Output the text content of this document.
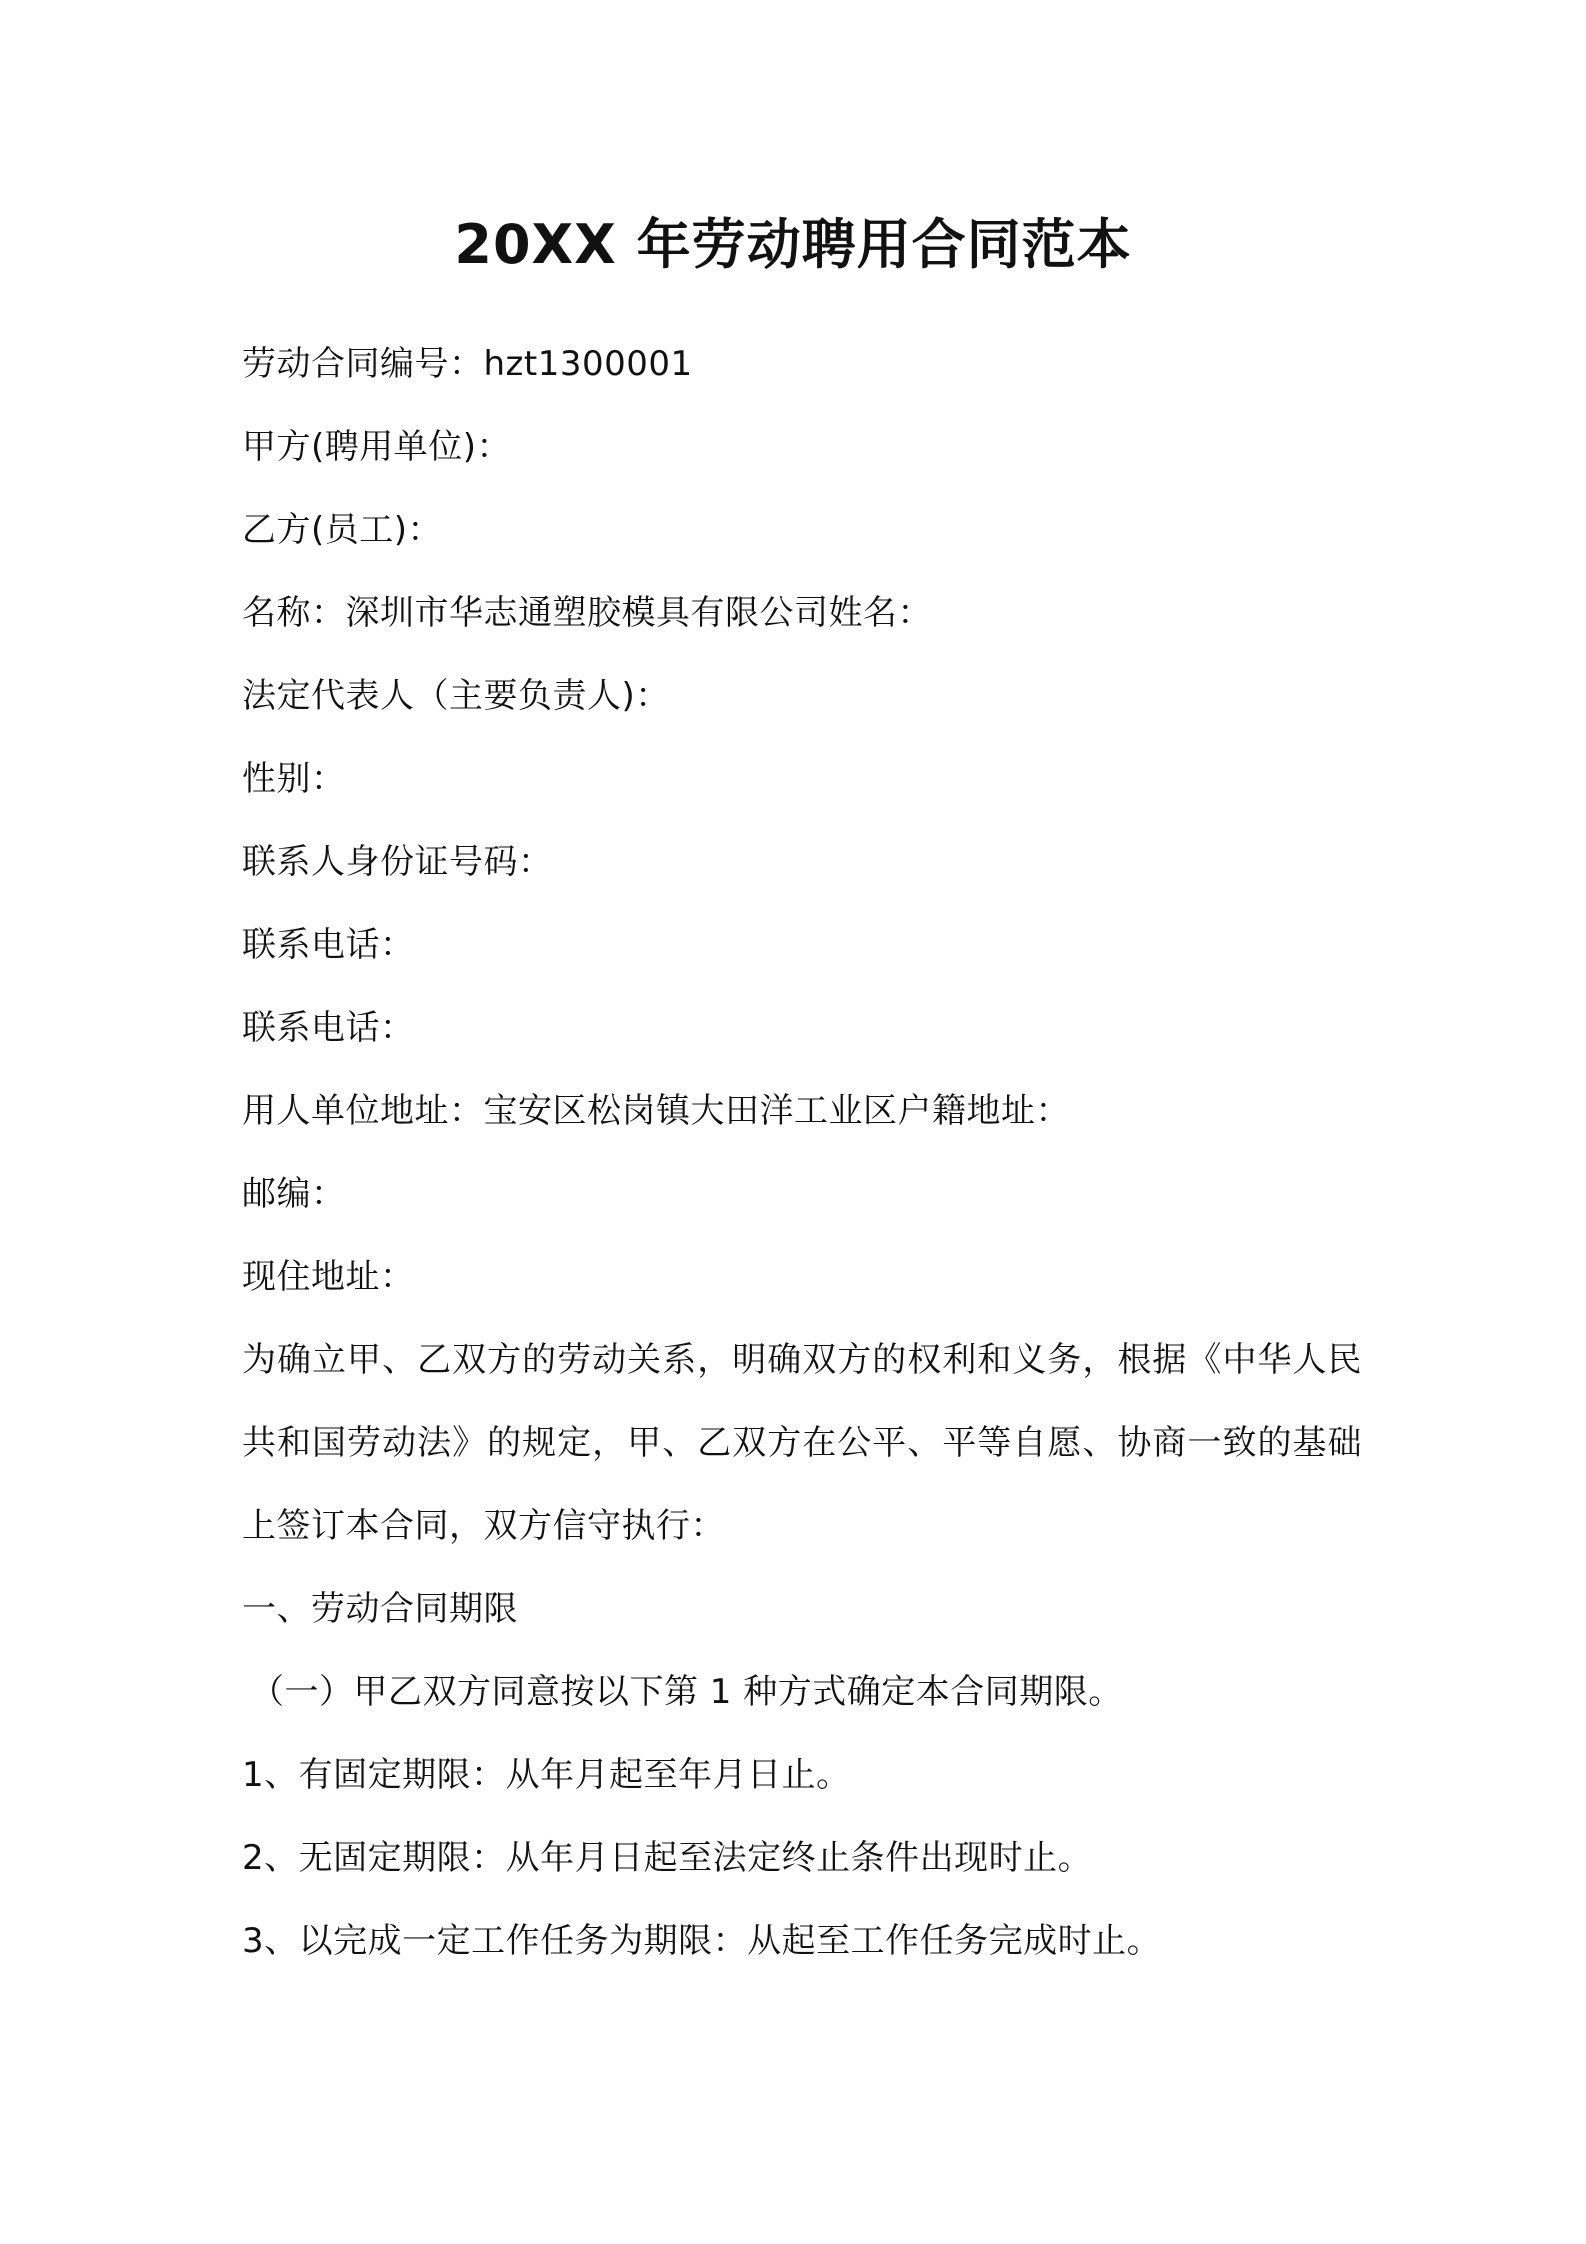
20XX 年劳动聘用合同范本
劳动合同编号：hzt1300001
甲方(聘用单位)：
乙方(员工)：
名称：深圳市华志通塑胶模具有限公司姓名：
法定代表人（主要负责人)：
性别：
联系人身份证号码：
联系电话：
联系电话：
用人单位地址：宝安区松岗镇大田洋工业区户籍地址：
邮编：
现住地址：
为确立甲、乙双方的劳动关系，明确双方的权利和义务，根据《中华人民共和国劳动法》的规定，甲、乙双方在公平、平等自愿、协商一致的基础上签订本合同，双方信守执行：
一、劳动合同期限
（一）甲乙双方同意按以下第 1 种方式确定本合同期限。
1、有固定期限：从年月起至年月日止。
2、无固定期限：从年月日起至法定终止条件出现时止。
3、以完成一定工作任务为期限：从起至工作任务完成时止。
